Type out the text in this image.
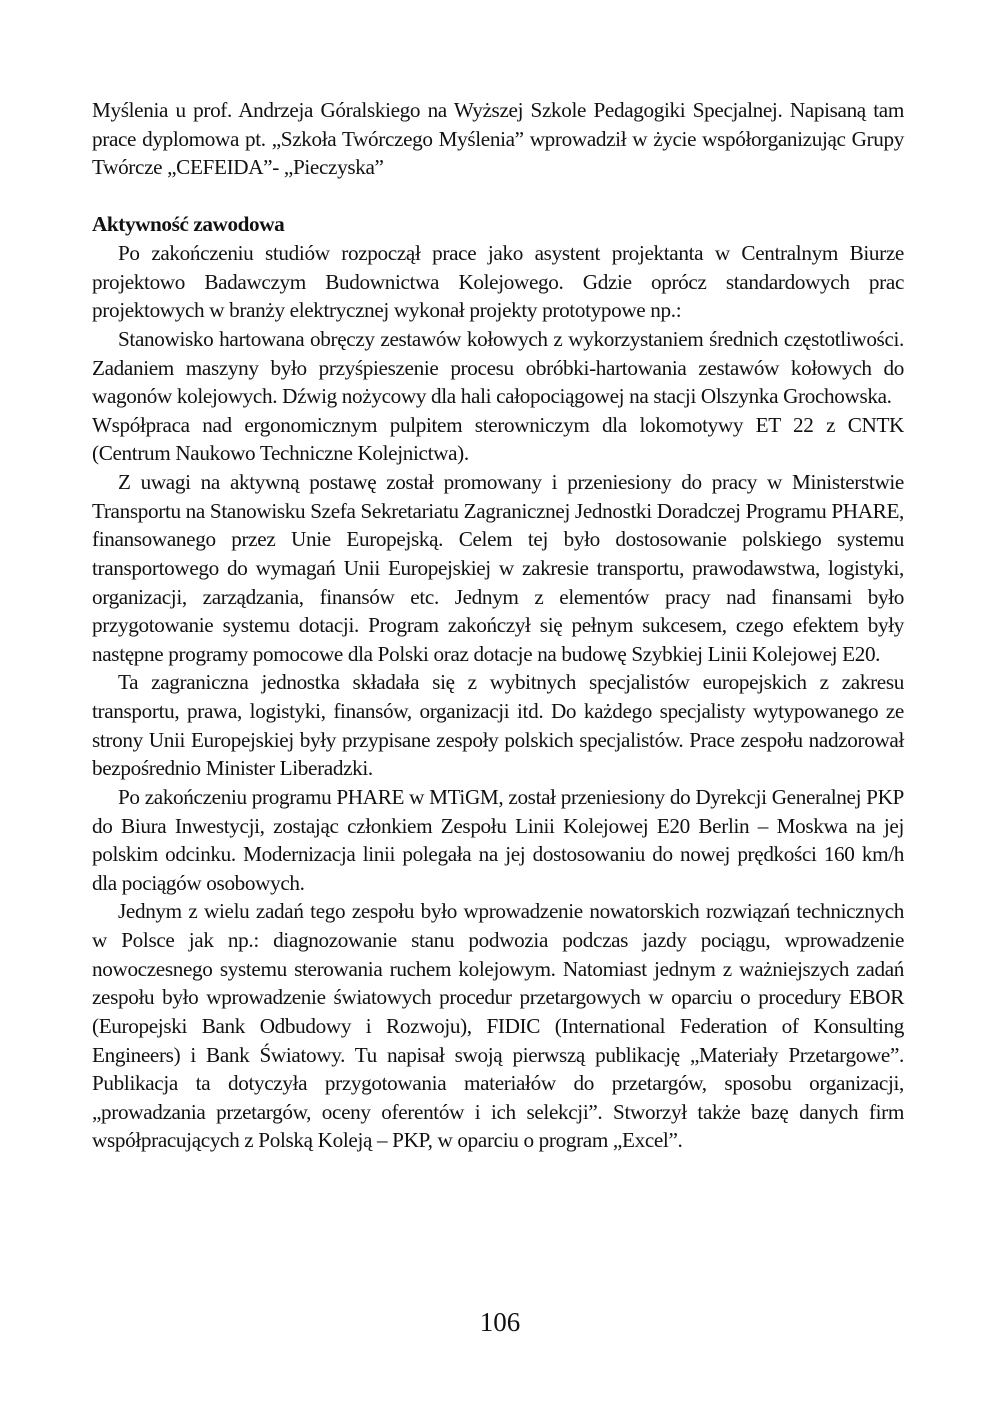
Myślenia u prof. Andrzeja Góralskiego na Wyższej Szkole Pedagogiki Specjalnej. Napisaną tam prace dyplomowa pt. „Szkoła Twórczego Myślenia” wprowadził w życie współorganizując Grupy Twórcze „CEFEIDA”- „Pieczyska”

Aktywność zawodowa

Po zakończeniu studiów rozpoczął prace jako asystent projektanta w Centralnym Biurze projektowo Badawczym Budownictwa Kolejowego. Gdzie oprócz standardowych prac projektowych w branży elektrycznej wykonał projekty prototypowe np.:

Stanowisko hartowana obręczy zestawów kołowych z wykorzystaniem średnich częstotliwości. Zadaniem maszyny było przyśpieszenie procesu obróbki-hartowania zestawów kołowych do wagonów kolejowych. Dźwig nożycowy dla hali całopociągowej na stacji Olszynka Grochowska.

Współpraca nad ergonomicznym pulpitem sterowniczym dla lokomotywy ET 22 z CNTK (Centrum Naukowo Techniczne Kolejnictwa).

Z uwagi na aktywną postawę został promowany i przeniesiony do pracy w Ministerstwie Transportu na Stanowisku Szefa Sekretariatu Zagranicznej Jednostki Doradczej Programu PHARE, finansowanego przez Unie Europejską. Celem tej było dostosowanie polskiego systemu transportowego do wymagań Unii Europejskiej w zakresie transportu, prawodawstwa, logistyki, organizacji, zarządzania, finansów etc. Jednym z elementów pracy nad finansami było przygotowanie systemu dotacji. Program zakończył się pełnym sukcesem, czego efektem były następne programy pomocowe dla Polski oraz dotacje na budowę Szybkiej Linii Kolejowej E20.

Ta zagraniczna jednostka składała się z wybitnych specjalistów europejskich z zakresu transportu, prawa, logistyki, finansów, organizacji itd. Do każdego specjalisty wytypowanego ze strony Unii Europejskiej były przypisane zespoły polskich specjalistów. Prace zespołu nadzorował bezpośrednio Minister Liberadzki.

Po zakończeniu programu PHARE w MTiGM, został przeniesiony do Dyrekcji Generalnej PKP do Biura Inwestycji, zostając członkiem Zespołu Linii Kolejowej E20 Berlin – Moskwa na jej polskim odcinku. Modernizacja linii polegała na jej dostosowaniu do nowej prędkości 160 km/h dla pociągów osobowych.

Jednym z wielu zadań tego zespołu było wprowadzenie nowatorskich rozwiązań technicznych w Polsce jak np.: diagnozowanie stanu podwozia podczas jazdy pociągu, wprowadzenie nowoczesnego systemu sterowania ruchem kolejowym. Natomiast jednym z ważniejszych zadań zespołu było wprowadzenie światowych procedur przetargowych w oparciu o procedury EBOR (Europejski Bank Odbudowy i Rozwoju), FIDIC (International Federation of Konsulting Engineers) i Bank Światowy. Tu napisał swoją pierwszą publikację „Materiały Przetargowe”. Publikacja ta dotyczyła przygotowania materiałów do przetargów, sposobu organizacji, „prowadzania przetargów, oceny oferentów i ich selekcji”. Stworzył także bazę danych firm współpracujących z Polską Koleją – PKP, w oparciu o program „Excel”.

106
